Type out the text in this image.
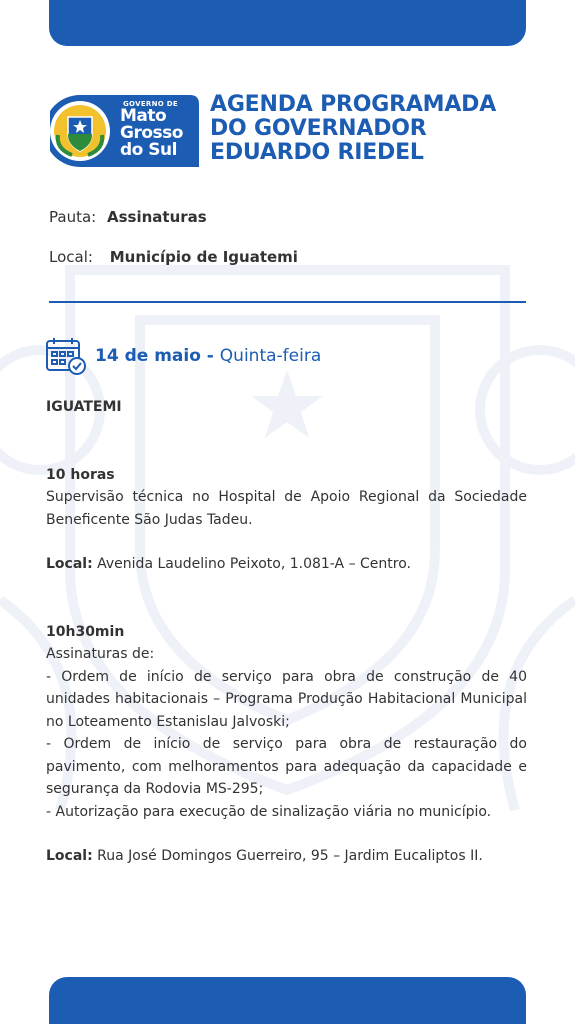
GOVERNO DE
Mato
Grosso
do Sul
AGENDA PROGRAMADA
DO GOVERNADOR
EDUARDO RIEDEL
Pauta: Assinaturas
Local: Município de Iguatemi
14 de maio - Quinta-feira

IGUATEMI

10 horas

Supervisão técnica no Hospital de Apoio Regional da Sociedade Beneficente São Judas Tadeu.

Local: Avenida Laudelino Peixoto, 1.081-A – Centro.

10h30min

Assinaturas de:

- Ordem de início de serviço para obra de construção de 40 unidades habitacionais – Programa Produção Habitacional Municipal no Loteamento Estanislau Jalvoski;

- Ordem de início de serviço para obra de restauração do pavimento, com melhoramentos para adequação da capacidade e segurança da Rodovia MS-295;

- Autorização para execução de sinalização viária no município.

Local: Rua José Domingos Guerreiro, 95 – Jardim Eucaliptos II.
